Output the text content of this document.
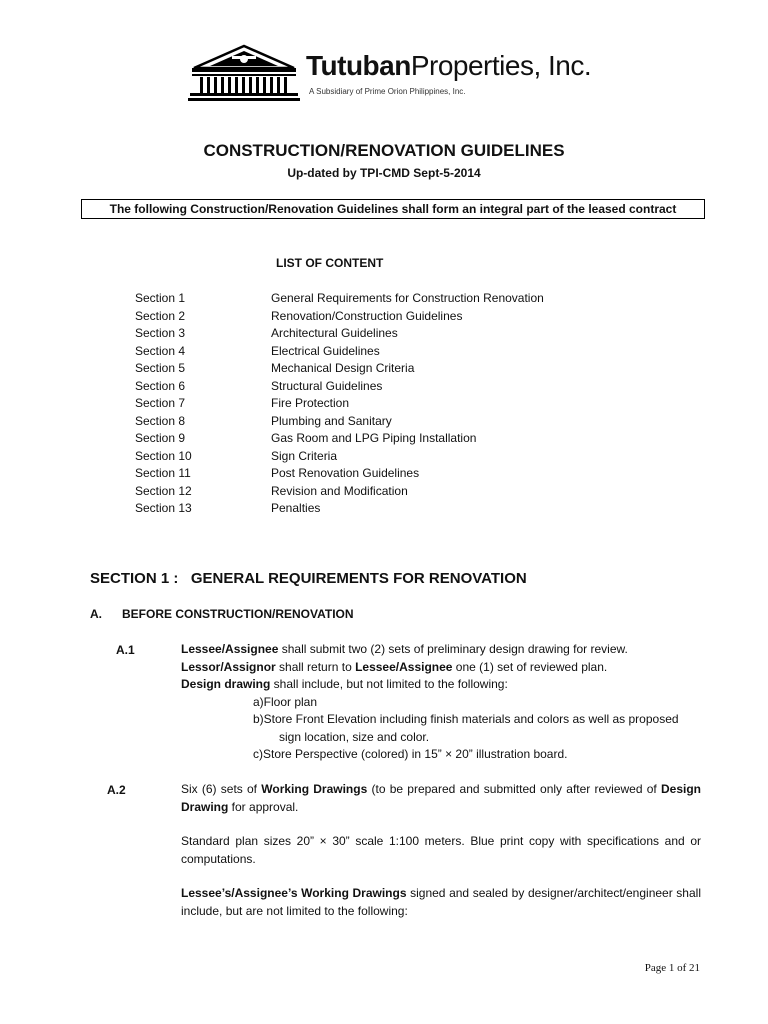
TutubanProperties, Inc.
A Subsidiary of Prime Orion Philippines, Inc.
CONSTRUCTION/RENOVATION GUIDELINES
Up-dated by TPI-CMD Sept-5-2014
The following Construction/Renovation Guidelines shall form an integral part of the leased contract
LIST OF CONTENT
Section 1	General Requirements for Construction Renovation
Section 2	Renovation/Construction Guidelines
Section 3	Architectural Guidelines
Section 4	Electrical Guidelines
Section 5	Mechanical Design Criteria
Section 6	Structural Guidelines
Section 7	Fire Protection
Section 8	Plumbing and Sanitary
Section 9	Gas Room and LPG Piping Installation
Section 10	Sign Criteria
Section 11	Post Renovation Guidelines
Section 12	Revision and Modification
Section 13	Penalties
SECTION 1 :   GENERAL REQUIREMENTS FOR RENOVATION
A.      BEFORE CONSTRUCTION/RENOVATION
A.1	Lessee/Assignee shall submit two (2) sets of preliminary design drawing for review.
Lessor/Assignor shall return to Lessee/Assignee one (1) set of reviewed plan.
Design drawing shall include, but not limited to the following:
a)Floor plan
b)Store Front Elevation including finish materials and colors as well as proposed sign location, size and color.
c)Store Perspective (colored) in 15” × 20” illustration board.
A.2	Six (6) sets of Working Drawings (to be prepared and submitted only after reviewed of Design Drawing for approval.
Standard plan sizes 20” × 30” scale 1:100 meters. Blue print copy with specifications and or computations.
Lessee’s/Assignee’s Working Drawings signed and sealed by designer/architect/engineer shall include, but are not limited to the following:
Page 1 of 21
